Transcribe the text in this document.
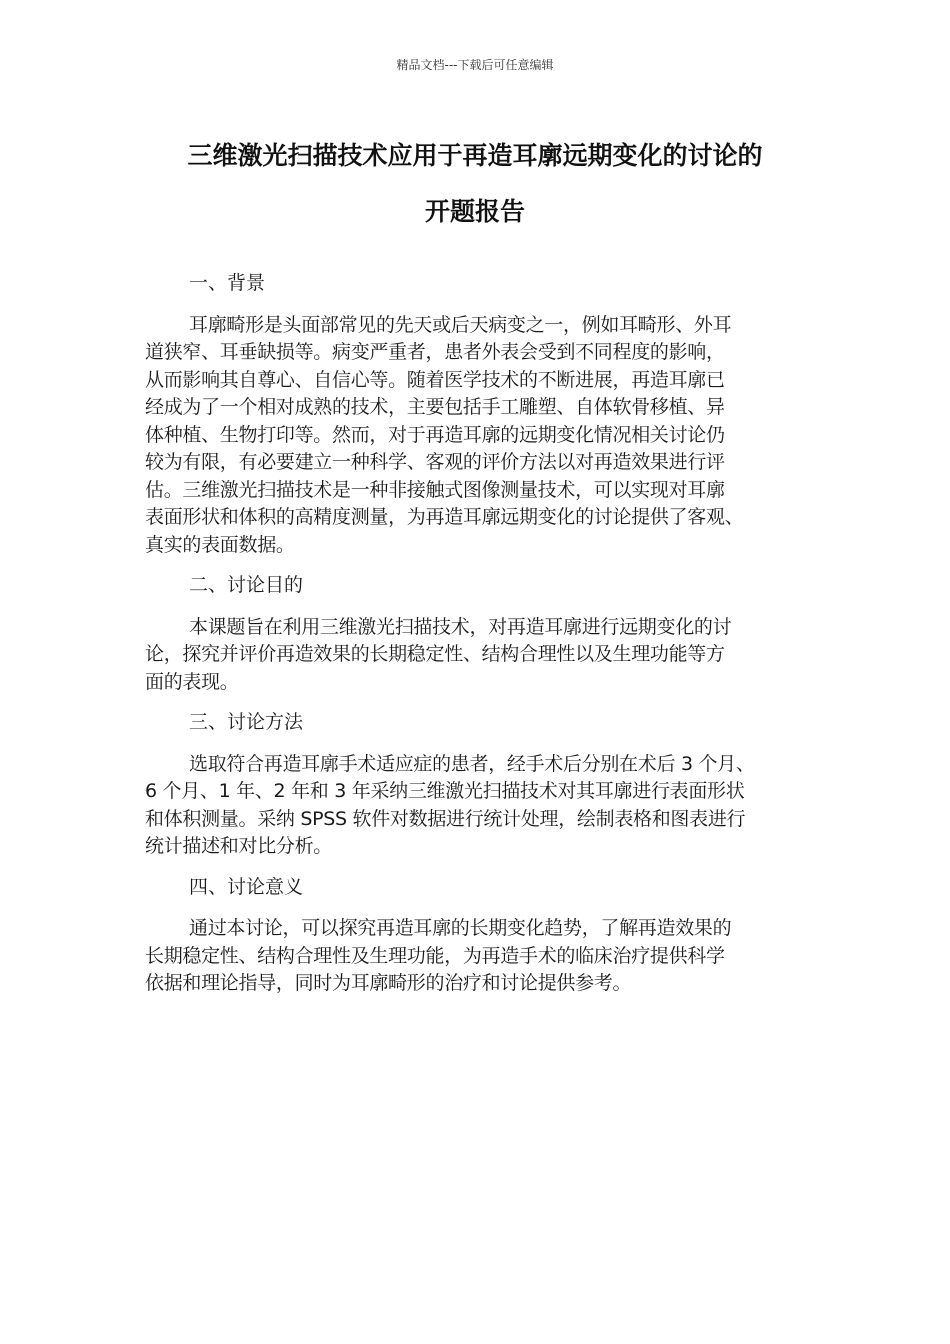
精品文档---下载后可任意编辑
三维激光扫描技术应用于再造耳廓远期变化的讨论的
开题报告
一、背景
耳廓畸形是头面部常见的先天或后天病变之一，例如耳畸形、外耳
道狭窄、耳垂缺损等。病变严重者，患者外表会受到不同程度的影响，
从而影响其自尊心、自信心等。随着医学技术的不断进展，再造耳廓已
经成为了一个相对成熟的技术，主要包括手工雕塑、自体软骨移植、异
体种植、生物打印等。然而，对于再造耳廓的远期变化情况相关讨论仍
较为有限，有必要建立一种科学、客观的评价方法以对再造效果进行评
估。三维激光扫描技术是一种非接触式图像测量技术，可以实现对耳廓
表面形状和体积的高精度测量，为再造耳廓远期变化的讨论提供了客观、
真实的表面数据。
二、讨论目的
本课题旨在利用三维激光扫描技术，对再造耳廓进行远期变化的讨
论，探究并评价再造效果的长期稳定性、结构合理性以及生理功能等方
面的表现。
三、讨论方法
选取符合再造耳廓手术适应症的患者，经手术后分别在术后 3 个月、
6 个月、1 年、2 年和 3 年采纳三维激光扫描技术对其耳廓进行表面形状
和体积测量。采纳 SPSS 软件对数据进行统计处理，绘制表格和图表进行
统计描述和对比分析。
四、讨论意义
通过本讨论，可以探究再造耳廓的长期变化趋势，了解再造效果的
长期稳定性、结构合理性及生理功能，为再造手术的临床治疗提供科学
依据和理论指导，同时为耳廓畸形的治疗和讨论提供参考。
